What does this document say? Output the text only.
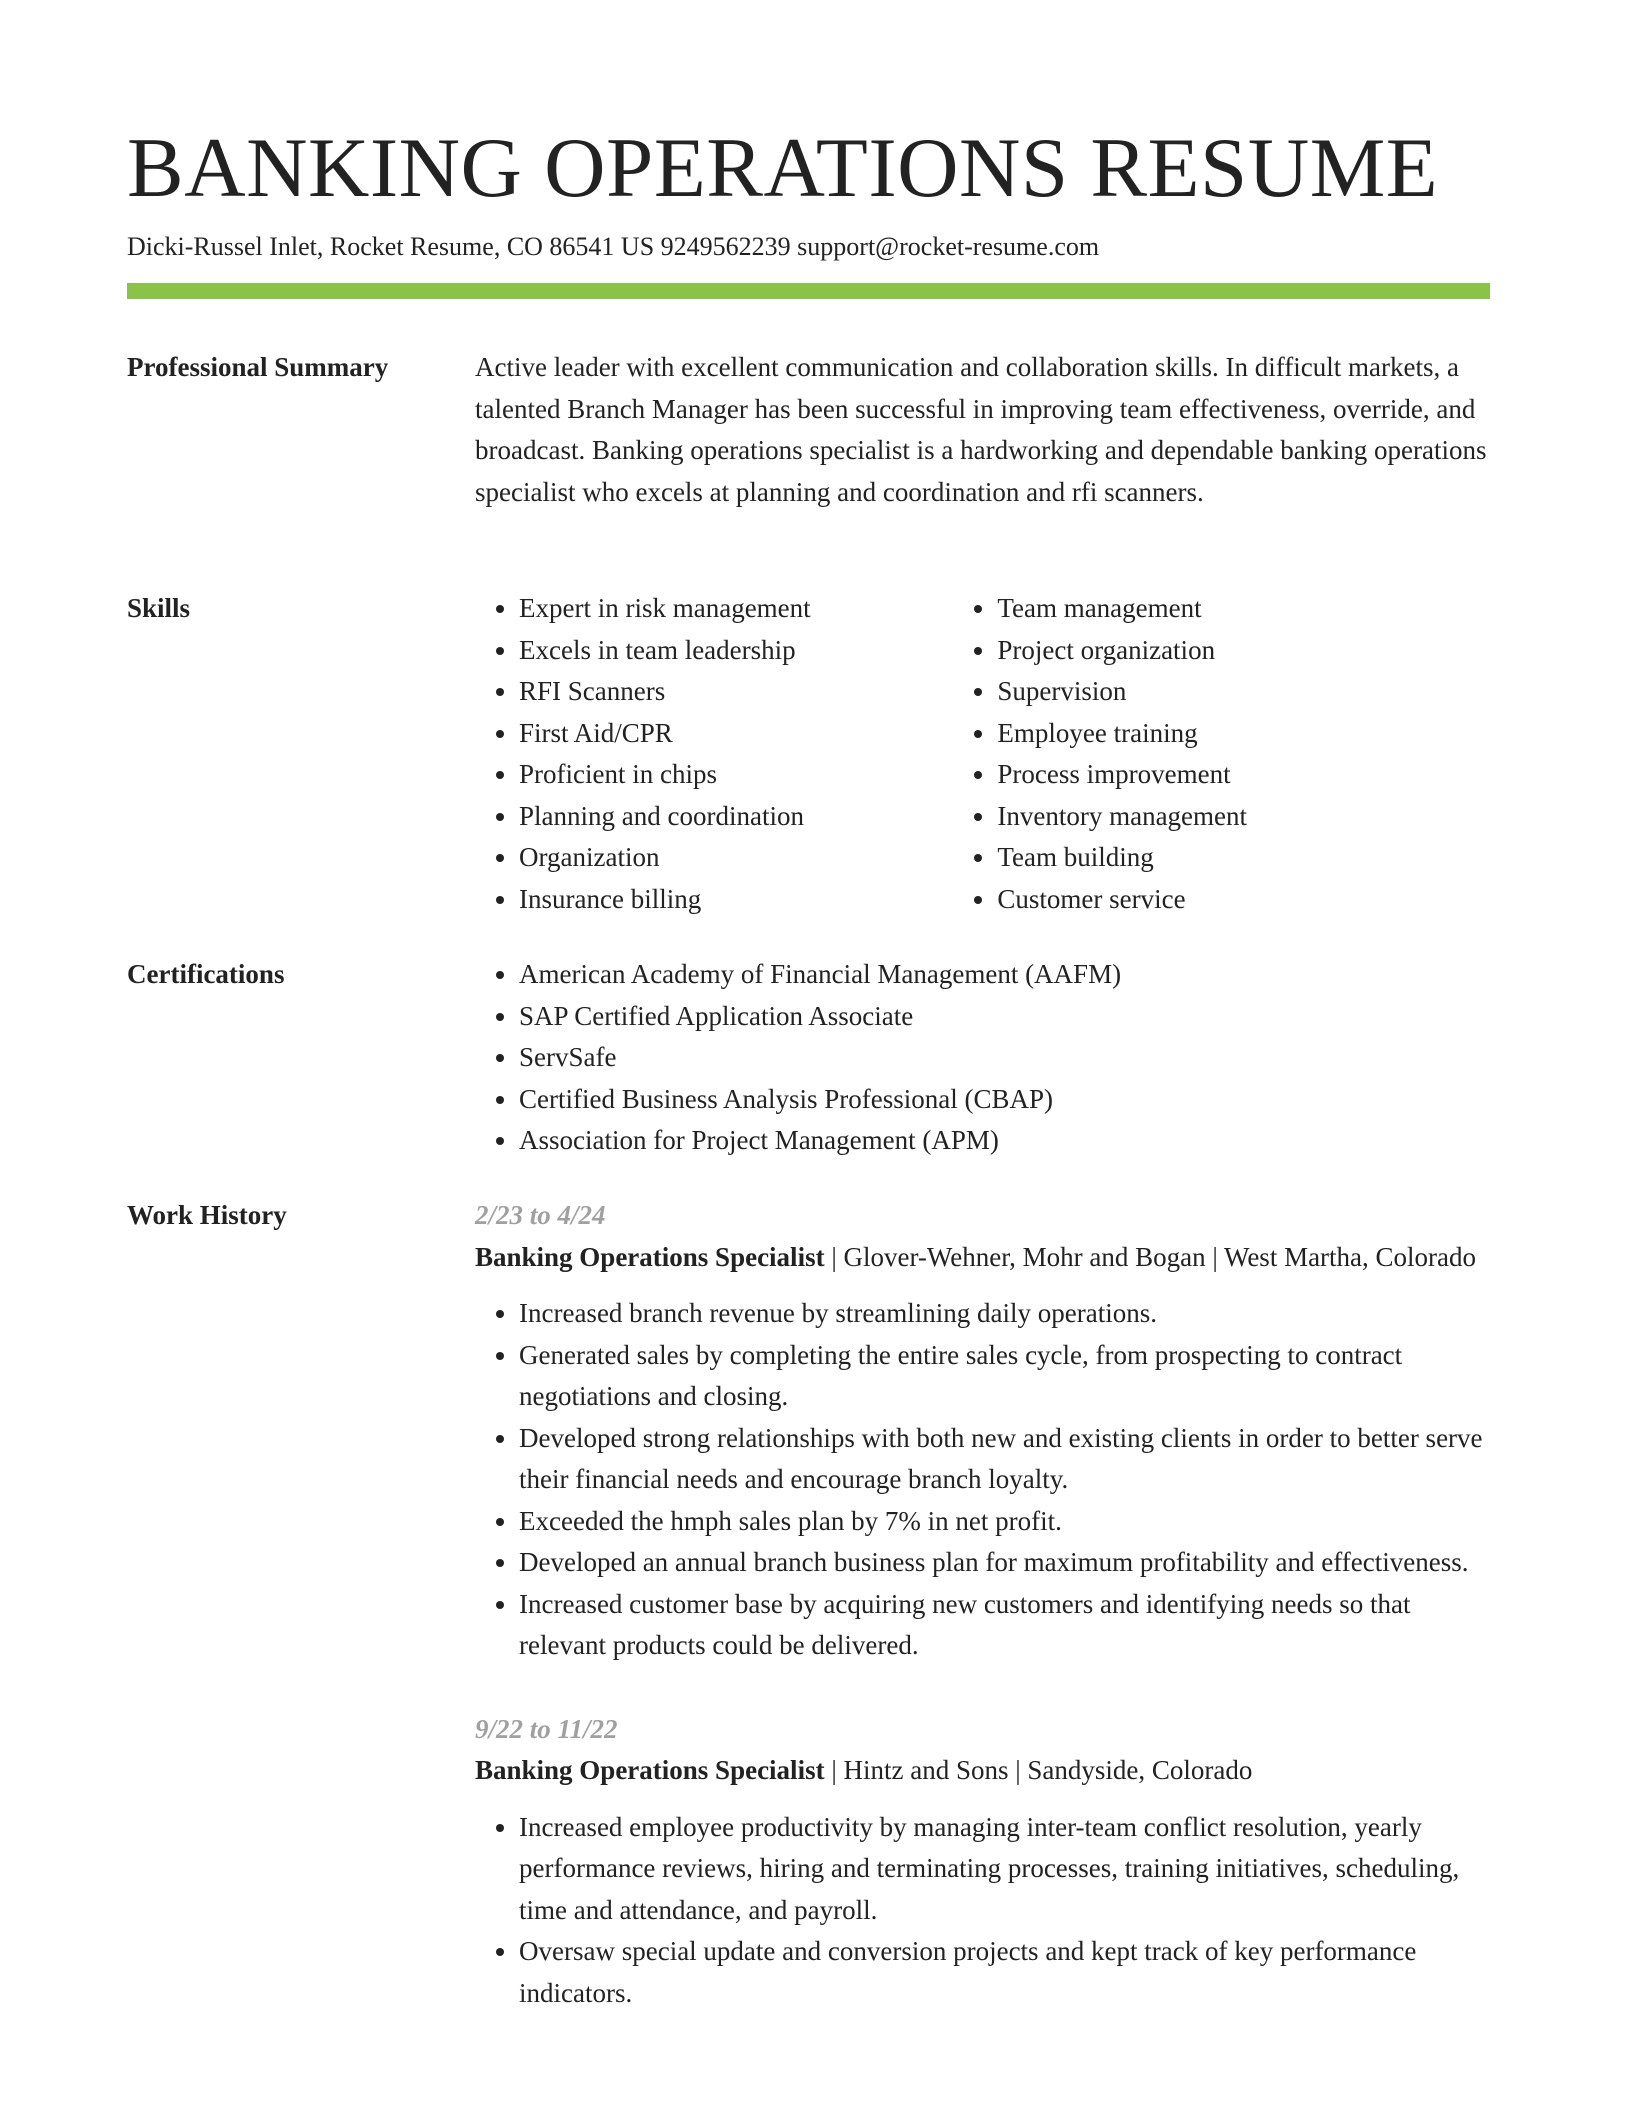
BANKING OPERATIONS RESUME
Dicki-Russel Inlet, Rocket Resume, CO 86541 US 9249562239 support@rocket-resume.com
Professional Summary	Active leader with excellent communication and collaboration skills. In difficult markets, a talented Branch Manager has been successful in improving team effectiveness, override, and broadcast. Banking operations specialist is a hardworking and dependable banking operations specialist who excels at planning and coordination and rfi scanners.

Skills	• Expert in risk management
• Excels in team leadership
• RFI Scanners
• First Aid/CPR
• Proficient in chips
• Planning and coordination
• Organization
• Insurance billing
• Team management
• Project organization
• Supervision
• Employee training
• Process improvement
• Inventory management
• Team building
• Customer service
Certifications	• American Academy of Financial Management (AAFM)
• SAP Certified Application Associate
• ServSafe
• Certified Business Analysis Professional (CBAP)
• Association for Project Management (APM)
Work History	2/23 to 4/24

Banking Operations Specialist | Glover-Wehner, Mohr and Bogan | West Martha, Colorado

• Increased branch revenue by streamlining daily operations.
• Generated sales by completing the entire sales cycle, from prospecting to contract negotiations and closing.
• Developed strong relationships with both new and existing clients in order to better serve their financial needs and encourage branch loyalty.
• Exceeded the hmph sales plan by 7% in net profit.
• Developed an annual branch business plan for maximum profitability and effectiveness.
• Increased customer base by acquiring new customers and identifying needs so that relevant products could be delivered.
9/22 to 11/22

Banking Operations Specialist | Hintz and Sons | Sandyside, Colorado

• Increased employee productivity by managing inter-team conflict resolution, yearly performance reviews, hiring and terminating processes, training initiatives, scheduling, time and attendance, and payroll.
• Oversaw special update and conversion projects and kept track of key performance indicators.
